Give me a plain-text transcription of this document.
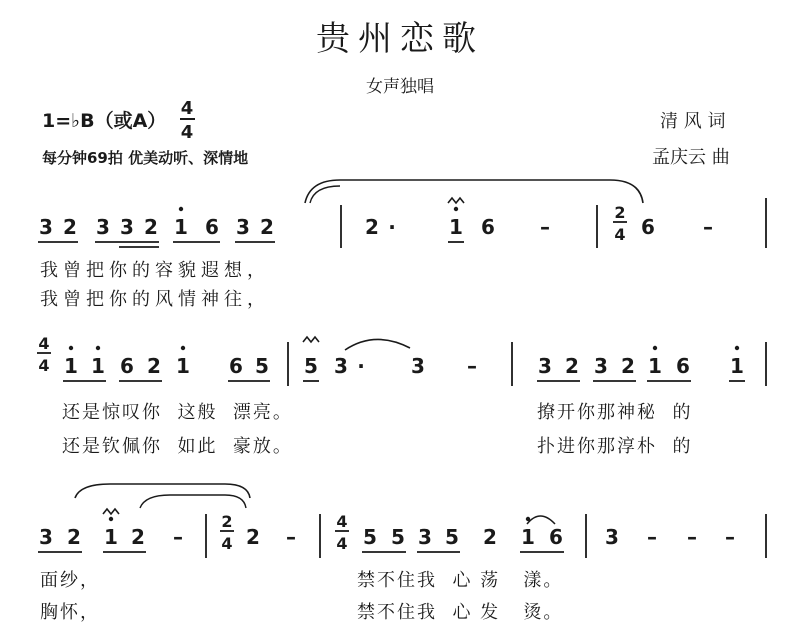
贵州恋歌
女声独唱
1=♭B（或A）
4
4
每分钟69拍 优美动听、深情地
清 风 词
孟庆云 曲
3 2 3 3 2 1 6 3 2	2 ·	1 6 –
2
4 6 –
我曾把你的容貌遐想，
我曾把你的风情神往，
4
4 1 1 6 2 1 6 5 5 3 · 3 –	3 2 3 2 1 6 1
还是惊叹你  这般  漂亮。	撩开你那神秘  的
还是钦佩你  如此  豪放。	扑进你那淳朴  的
3 2 1 2 –
2
4 2 –
4
4 5 5 3 5 2 1 6 3 – – –
面纱，	禁不住我  心 荡   漾。
胸怀，	禁不住我  心 发   烫。
